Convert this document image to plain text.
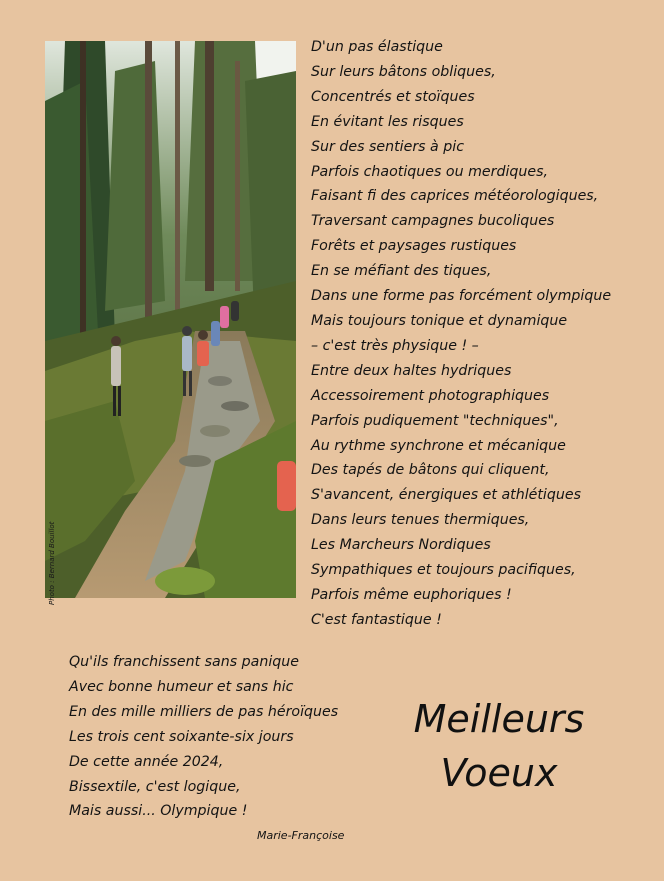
Photo : Bernard Bouillot
D'un pas élastique
Sur leurs bâtons obliques,
Concentrés et stoïques
En évitant les risques
Sur des sentiers à pic
Parfois chaotiques ou merdiques,
Faisant fi des caprices météorologiques,
Traversant campagnes bucoliques
Forêts et paysages rustiques
En se méfiant des tiques,
Dans une forme pas forcément olympique
Mais toujours tonique et dynamique
– c'est très physique ! –
Entre deux haltes hydriques
Accessoirement photographiques
Parfois pudiquement "techniques",
Au rythme synchrone et mécanique
Des tapés de bâtons qui cliquent,
S'avancent, énergiques et athlétiques
Dans leurs tenues thermiques,
Les Marcheurs Nordiques
Sympathiques et toujours pacifiques,
Parfois même euphoriques !
C'est fantastique !
Qu'ils franchissent sans panique
Avec bonne humeur et sans hic
En des mille milliers de pas héroïques
Les trois cent soixante-six jours
De cette année 2024,
Bissextile, c'est logique,
Mais aussi... Olympique !
Marie-Françoise
Meilleurs
Voeux
